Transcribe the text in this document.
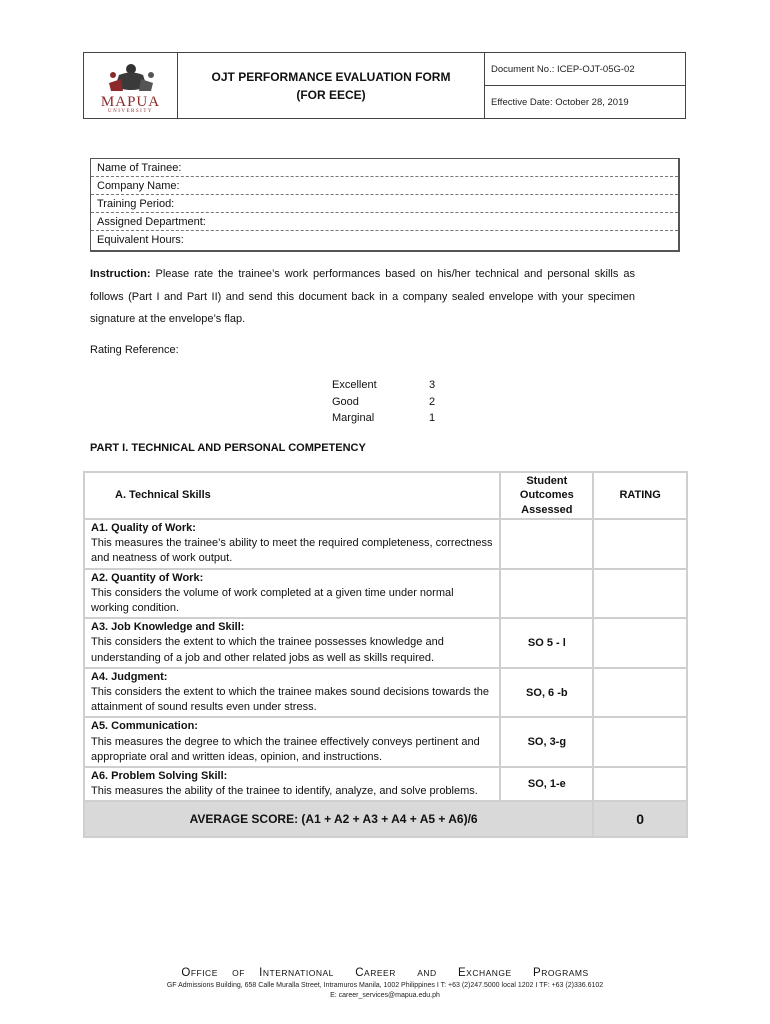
MAPUA
UNIVERSITY
OJT PERFORMANCE EVALUATION FORM
(FOR EECE)
Document No.: ICEP-OJT-05G-02
Effective Date: October 28, 2019
Name of Trainee:
Company Name:
Training Period:
Assigned Department:
Equivalent Hours:
Instruction: Please rate the trainee’s work performances based on his/her technical and personal skills as follows (Part I and Part II) and send this document back in a company sealed envelope with your specimen signature at the envelope’s flap.
Rating Reference:
Excellent	3
Good	2
Marginal	1
PART I. TECHNICAL AND PERSONAL COMPETENCY
A. Technical Skills	Student
Outcomes
Assessed	RATING

A1. Quality of Work:
This measures the trainee’s ability to meet the required completeness, correctness and neatness of work output.		

A2. Quantity of Work:
This considers the volume of work completed at a given time under normal working condition.		

A3. Job Knowledge and Skill:
This considers the extent to which the trainee possesses knowledge and understanding of a job and other related jobs as well as skills required.	SO 5 - l	

A4. Judgment:
This considers the extent to which the trainee makes sound decisions towards the attainment of sound results even under stress.	SO, 6 -b	

A5. Communication:
This measures the degree to which the trainee effectively conveys pertinent and appropriate oral and written ideas, opinion, and instructions.	SO, 3-g	

A6. Problem Solving Skill:
This measures the ability of the trainee to identify, analyze, and solve problems.	SO, 1-e	
AVERAGE SCORE: (A1 + A2 + A3 + A4 + A5 + A6)/6		0
OFFICE OF INTERNATIONAL CAREER	AND EXCHANGE PROGRAMS
GF Admissions Building, 658 Calle Muralla Street, Intramuros Manila, 1002 Philippines I T: +63 (2)247.5000 local 1202 I TF: +63 (2)336.6102
E: career_services@mapua.edu.ph
